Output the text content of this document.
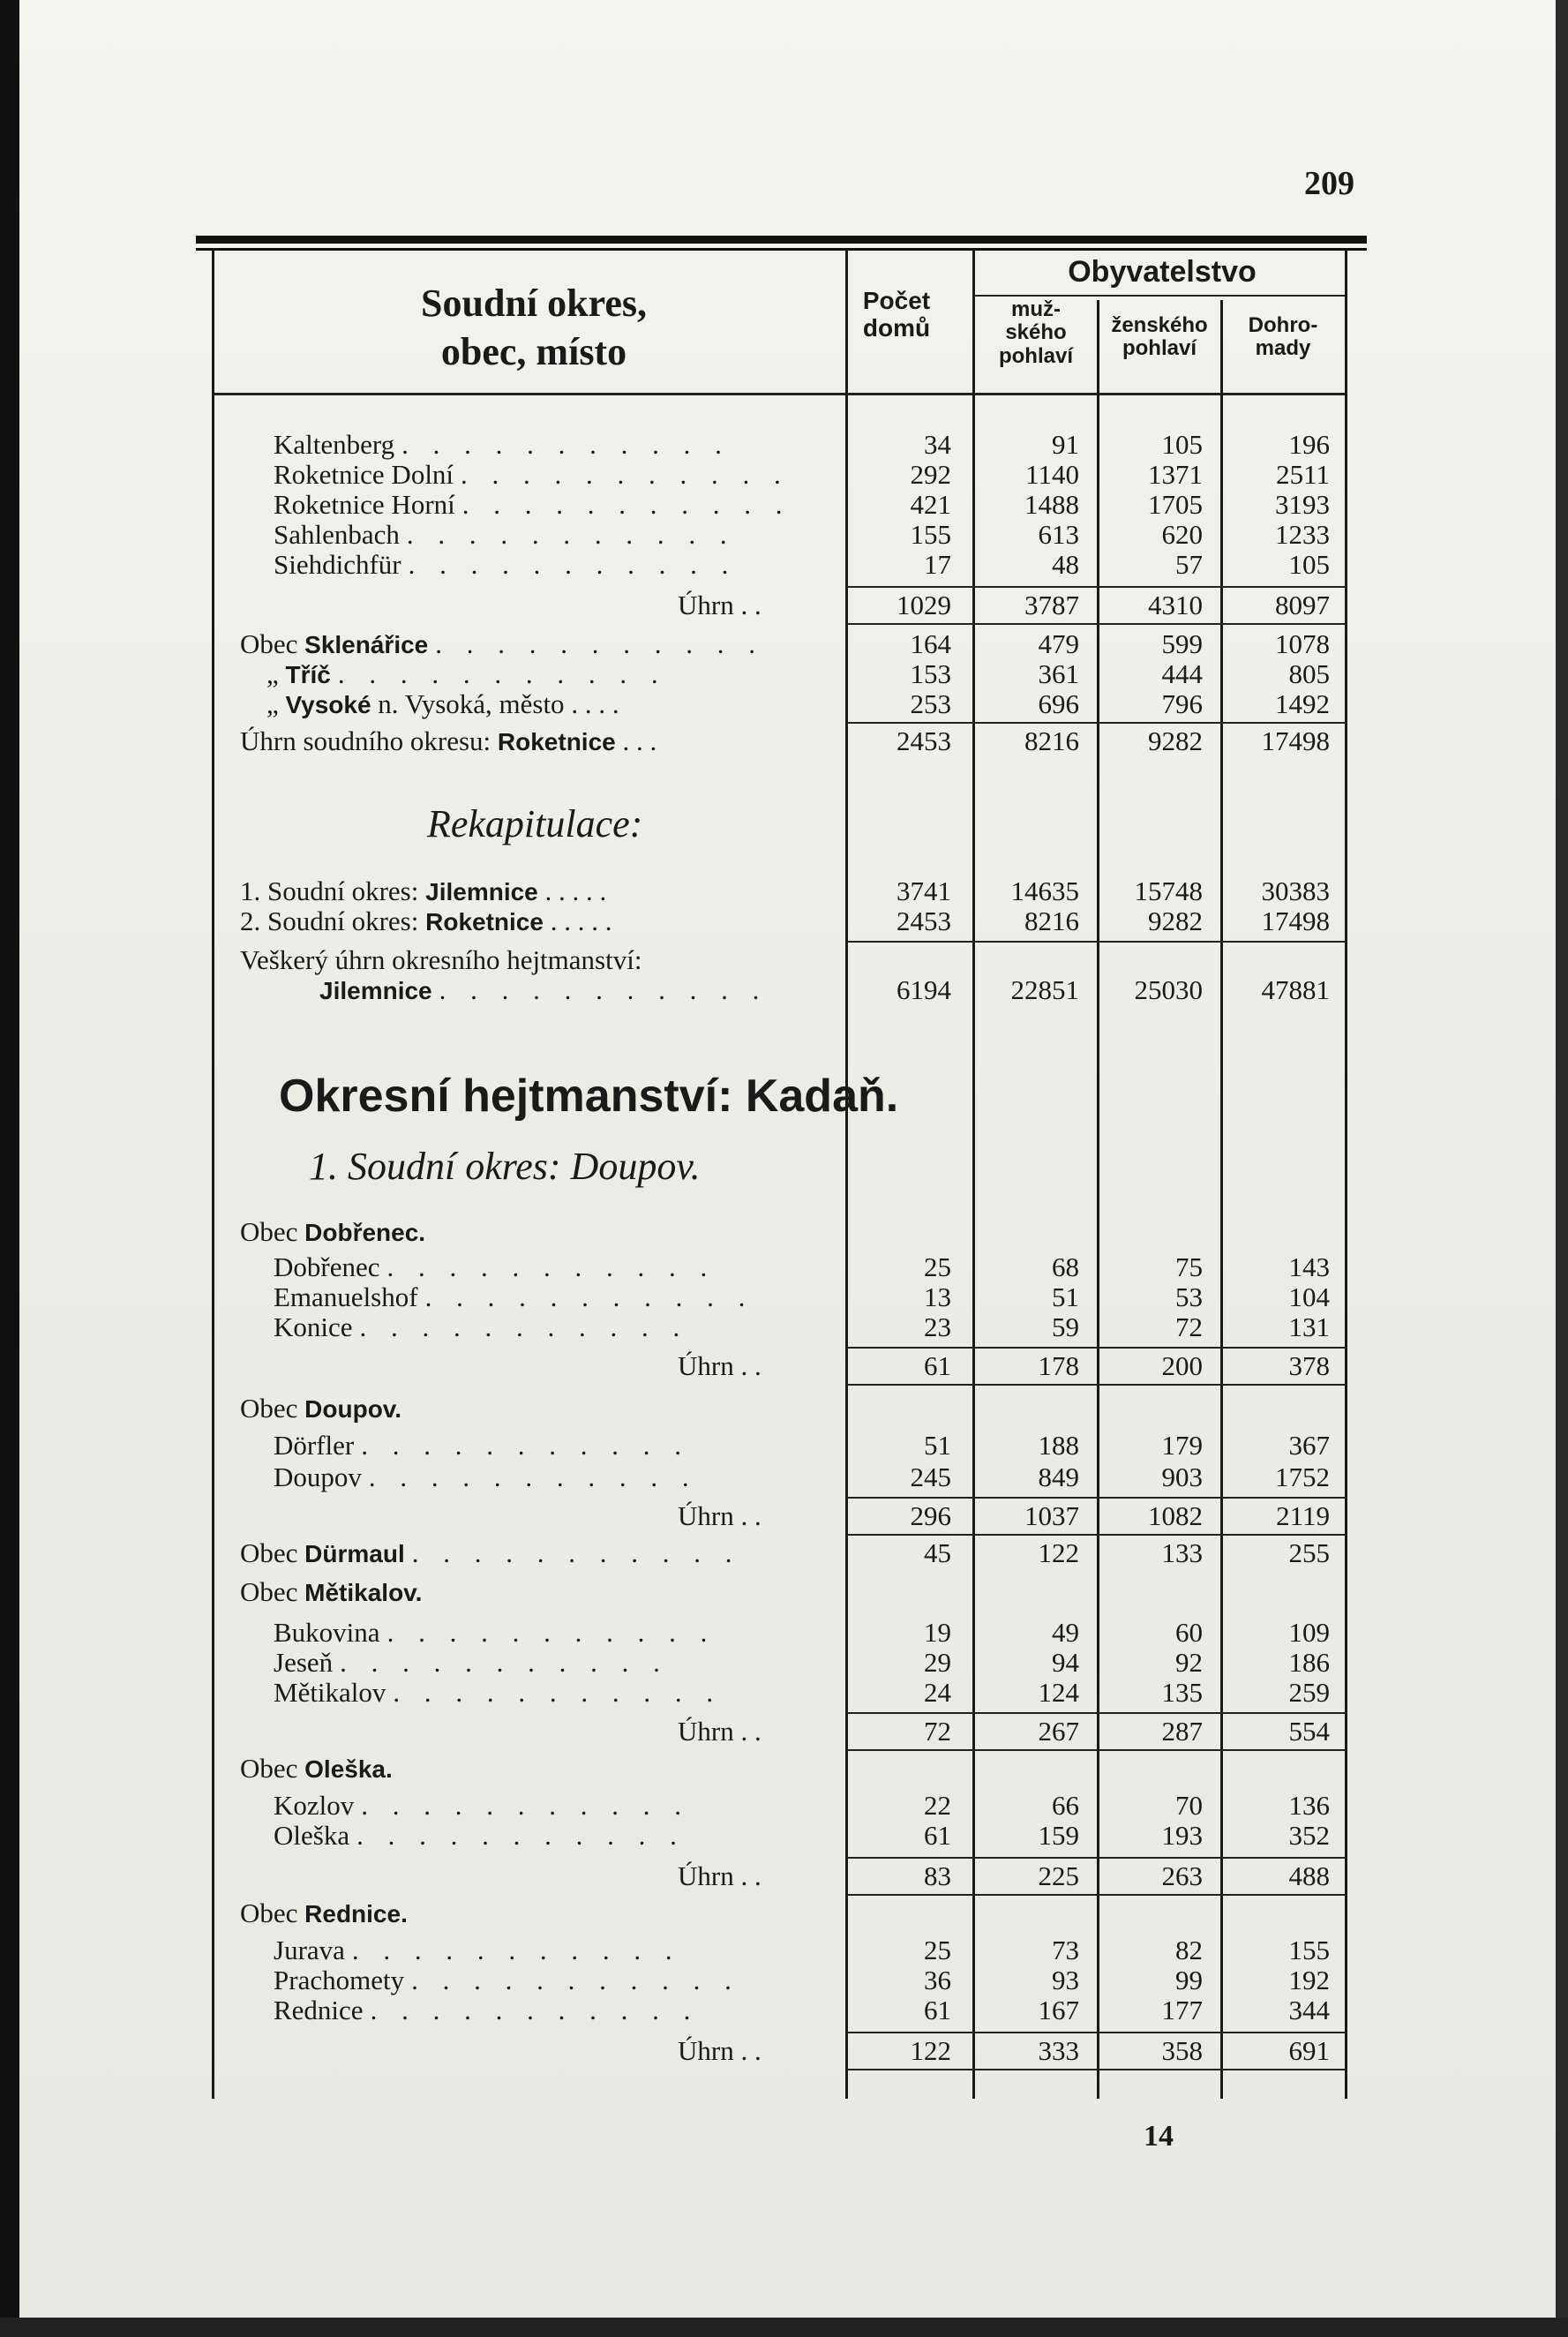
209
Soudní okres,
obec, místo
Počet
domů
Obyvatelstvo
muž-
ského
pohlaví
ženského
pohlaví
Dohro-
mady
Kaltenberg . . . . . . . . . . .	34	91	105	196
Roketnice Dolní . . . . . . . . . . .	292	1140	1371	2511
Roketnice Horní . . . . . . . . . . .	421	1488	1705	3193
Sahlenbach . . . . . . . . . . .	155	613	620	1233
Siehdichfür . . . . . . . . . . .	17	48	57	105
Úhrn . .	1029	3787	4310	8097
Obec Sklenářice . . . . . . . . . . .	164	479	599	1078
„ Tříč . . . . . . . . . . .	153	361	444	805
„ Vysoké n. Vysoká, město . . . .	253	696	796	1492
Úhrn soudního okresu: Roketnice . . .	2453	8216	9282	17498
Rekapitulace:
1. Soudní okres: Jilemnice . . . . .	3741	14635	15748	30383
2. Soudní okres: Roketnice . . . . .	2453	8216	9282	17498
Veškerý úhrn okresního hejtmanství:
Jilemnice . . . . . . . . . . .	6194	22851	25030	47881
Okresní hejtmanství: Kadaň.
1. Soudní okres: Doupov.
Obec Dobřenec.
Dobřenec . . . . . . . . . . .	25	68	75	143
Emanuelshof . . . . . . . . . . .	13	51	53	104
Konice . . . . . . . . . . .	23	59	72	131
Úhrn . .	61	178	200	378
Obec Doupov.
Dörfler . . . . . . . . . . .	51	188	179	367
Doupov . . . . . . . . . . .	245	849	903	1752
Úhrn . .	296	1037	1082	2119
Obec Dürmaul . . . . . . . . . . .	45	122	133	255
Obec Mětikalov.
Bukovina . . . . . . . . . . .	19	49	60	109
Jeseň . . . . . . . . . . .	29	94	92	186
Mětikalov . . . . . . . . . . .	24	124	135	259
Úhrn . .	72	267	287	554
Obec Oleška.
Kozlov . . . . . . . . . . .	22	66	70	136
Oleška . . . . . . . . . . .	61	159	193	352
Úhrn . .	83	225	263	488
Obec Rednice.
Jurava . . . . . . . . . . .	25	73	82	155
Prachomety . . . . . . . . . . .	36	93	99	192
Rednice . . . . . . . . . . .	61	167	177	344
Úhrn . .	122	333	358	691
14
